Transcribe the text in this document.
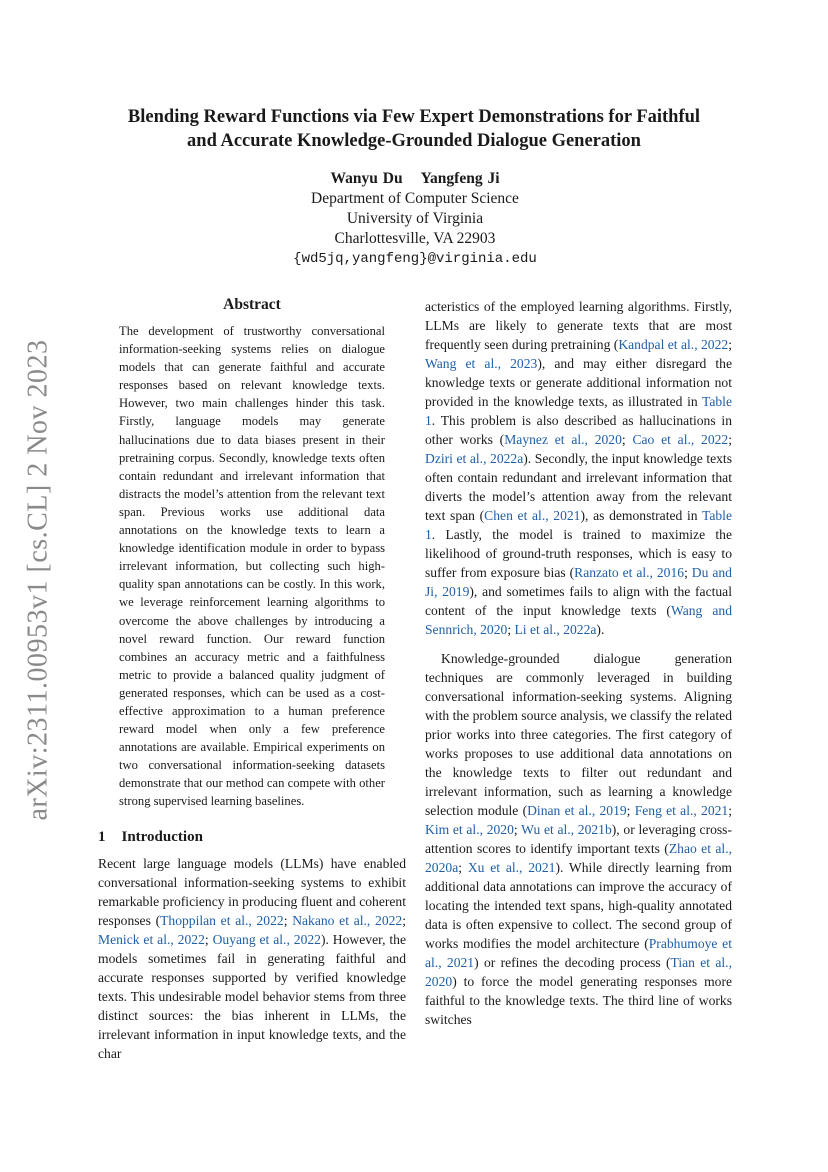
arXiv:2311.00953v1 [cs.CL] 2 Nov 2023
Blending Reward Functions via Few Expert Demonstrations for Faithful
and Accurate Knowledge-Grounded Dialogue Generation
Wanyu Du Yangfeng Ji
Department of Computer Science
University of Virginia
Charlottesville, VA 22903
{wd5jq,yangfeng}@virginia.edu
Abstract

The development of trustworthy conversational information-seeking systems relies on dialogue models that can generate faithful and accurate responses based on relevant knowledge texts. However, two main challenges hinder this task. Firstly, language models may generate hallucinations due to data biases present in their pretraining corpus. Secondly, knowledge texts often contain redundant and irrelevant information that distracts the model’s attention from the relevant text span. Previous works use additional data annotations on the knowledge texts to learn a knowledge identification module in order to bypass irrelevant information, but collecting such high-quality span annotations can be costly. In this work, we leverage reinforcement learning algorithms to overcome the above challenges by introducing a novel reward function. Our reward function combines an accuracy metric and a faithfulness metric to provide a balanced quality judgment of generated responses, which can be used as a cost-effective approximation to a human preference reward model when only a few preference annotations are available. Empirical experiments on two conversational information-seeking datasets demonstrate that our method can compete with other strong supervised learning baselines.

1 Introduction

Recent large language models (LLMs) have enabled conversational information-seeking systems to exhibit remarkable proficiency in producing fluent and coherent responses (Thoppilan et al., 2022; Nakano et al., 2022; Menick et al., 2022; Ouyang et al., 2022). However, the models sometimes fail in generating faithful and accurate responses supported by verified knowledge texts. This undesirable model behavior stems from three distinct sources: the bias inherent in LLMs, the irrelevant information in input knowledge texts, and the char

acteristics of the employed learning algorithms. Firstly, LLMs are likely to generate texts that are most frequently seen during pretraining (Kandpal et al., 2022; Wang et al., 2023), and may either disregard the knowledge texts or generate additional information not provided in the knowledge texts, as illustrated in Table 1. This problem is also described as hallucinations in other works (Maynez et al., 2020; Cao et al., 2022; Dziri et al., 2022a). Secondly, the input knowledge texts often contain redundant and irrelevant information that diverts the model’s attention away from the relevant text span (Chen et al., 2021), as demonstrated in Table 1. Lastly, the model is trained to maximize the likelihood of ground-truth responses, which is easy to suffer from exposure bias (Ranzato et al., 2016; Du and Ji, 2019), and sometimes fails to align with the factual content of the input knowledge texts (Wang and Sennrich, 2020; Li et al., 2022a).

Knowledge-grounded dialogue generation techniques are commonly leveraged in building conversational information-seeking systems. Aligning with the problem source analysis, we classify the related prior works into three categories. The first category of works proposes to use additional data annotations on the knowledge texts to filter out redundant and irrelevant information, such as learning a knowledge selection module (Dinan et al., 2019; Feng et al., 2021; Kim et al., 2020; Wu et al., 2021b), or leveraging cross-attention scores to identify important texts (Zhao et al., 2020a; Xu et al., 2021). While directly learning from additional data annotations can improve the accuracy of locating the intended text spans, high-quality annotated data is often expensive to collect. The second group of works modifies the model architecture (Prabhumoye et al., 2021) or refines the decoding process (Tian et al., 2020) to force the model generating responses more faithful to the knowledge texts. The third line of works switches
